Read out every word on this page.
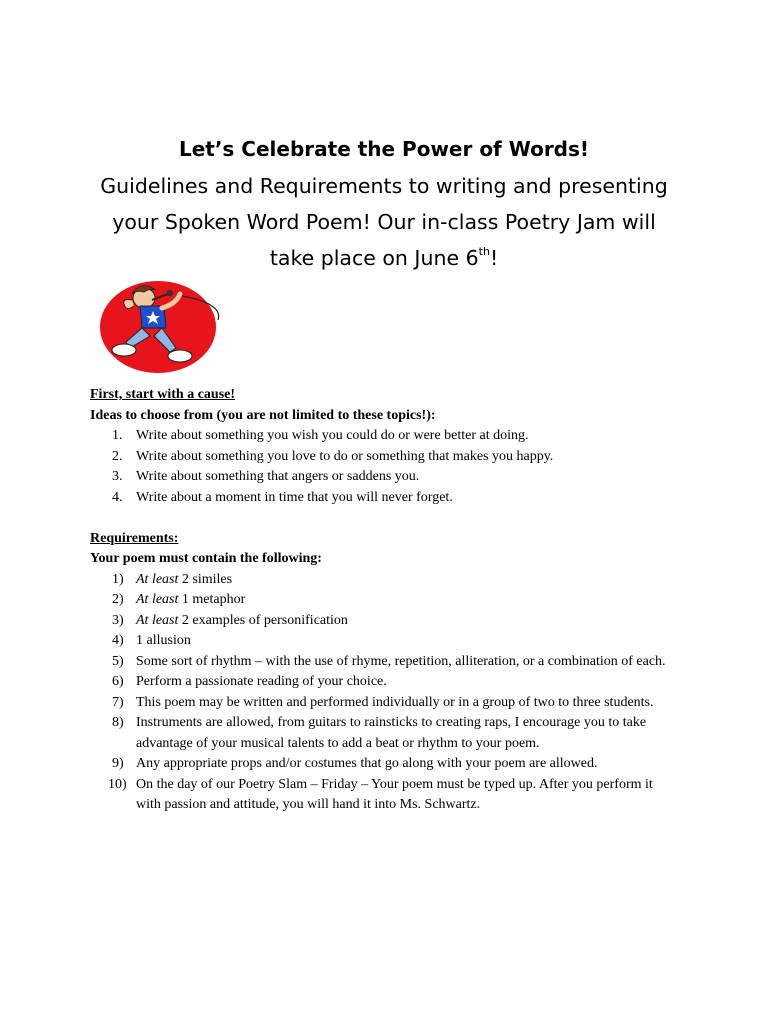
Let’s Celebrate the Power of Words!
Guidelines and Requirements to writing and presenting
your Spoken Word Poem! Our in-class Poetry Jam will
take place on June 6th!

First, start with a cause!

Ideas to choose from (you are not limited to these topics!):

1. Write about something you wish you could do or were better at doing.
2. Write about something you love to do or something that makes you happy.
3. Write about something that angers or saddens you.
4. Write about a moment in time that you will never forget.

Requirements:

Your poem must contain the following:

1) At least 2 similes
2) At least 1 metaphor
3) At least 2 examples of personification
4) 1 allusion
5) Some sort of rhythm – with the use of rhyme, repetition, alliteration, or a combination of each.
6) Perform a passionate reading of your choice.
7) This poem may be written and performed individually or in a group of two to three students.
8) Instruments are allowed, from guitars to rainsticks to creating raps, I encourage you to take advantage of your musical talents to add a beat or rhythm to your poem.
9) Any appropriate props and/or costumes that go along with your poem are allowed.
10) On the day of our Poetry Slam – Friday – Your poem must be typed up. After you perform it with passion and attitude, you will hand it into Ms. Schwartz.
